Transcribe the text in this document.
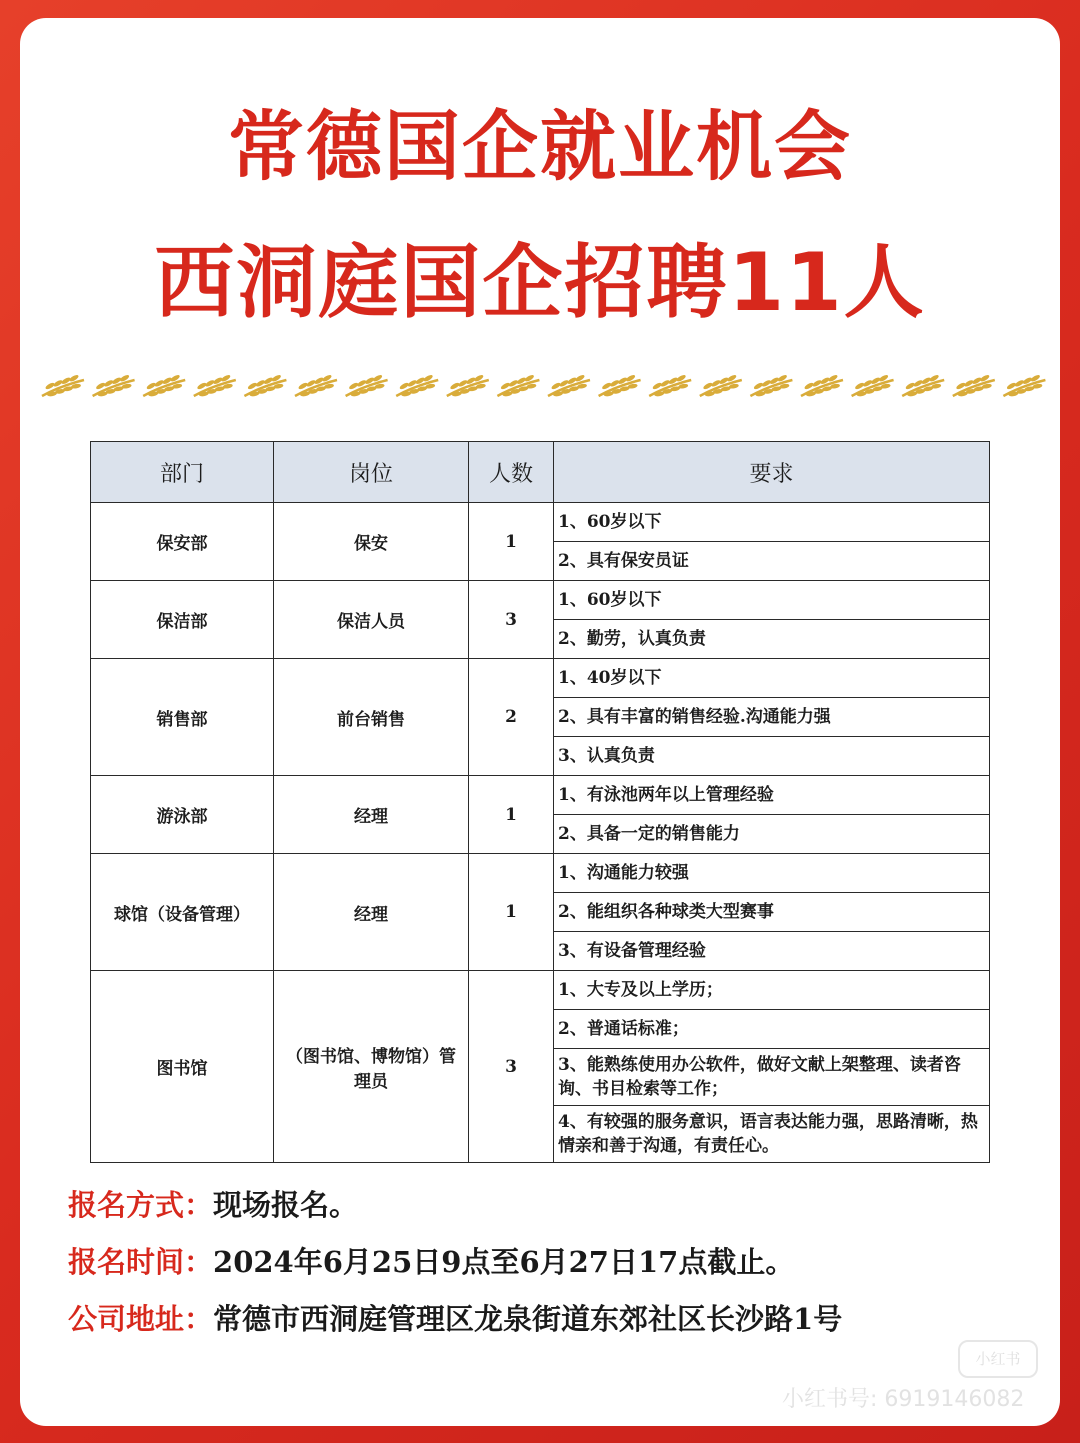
常德国企就业机会
西洞庭国企招聘11人
部门	岗位	人数	要求
保安部	保安	1	1、60岁以下
			2、具有保安员证
保洁部	保洁人员	3	1、60岁以下
			2、勤劳，认真负责
销售部	前台销售	2	1、40岁以下
			2、具有丰富的销售经验.沟通能力强
			3、认真负责
游泳部	经理	1	1、有泳池两年以上管理经验
			2、具备一定的销售能力
球馆（设备管理）	经理	1	1、沟通能力较强
			2、能组织各种球类大型赛事
			3、有设备管理经验
图书馆	（图书馆、博物馆）管理员	3	1、大专及以上学历；
			2、普通话标准；
			3、能熟练使用办公软件，做好文献上架整理、读者咨询、书目检索等工作；
			4、有较强的服务意识，语言表达能力强，思路清晰，热情亲和善于沟通，有责任心。
报名方式：现场报名。
报名时间：2024年6月25日9点至6月27日17点截止。
公司地址：常德市西洞庭管理区龙泉街道东郊社区长沙路1号
小红书
小红书号: 6919146082
